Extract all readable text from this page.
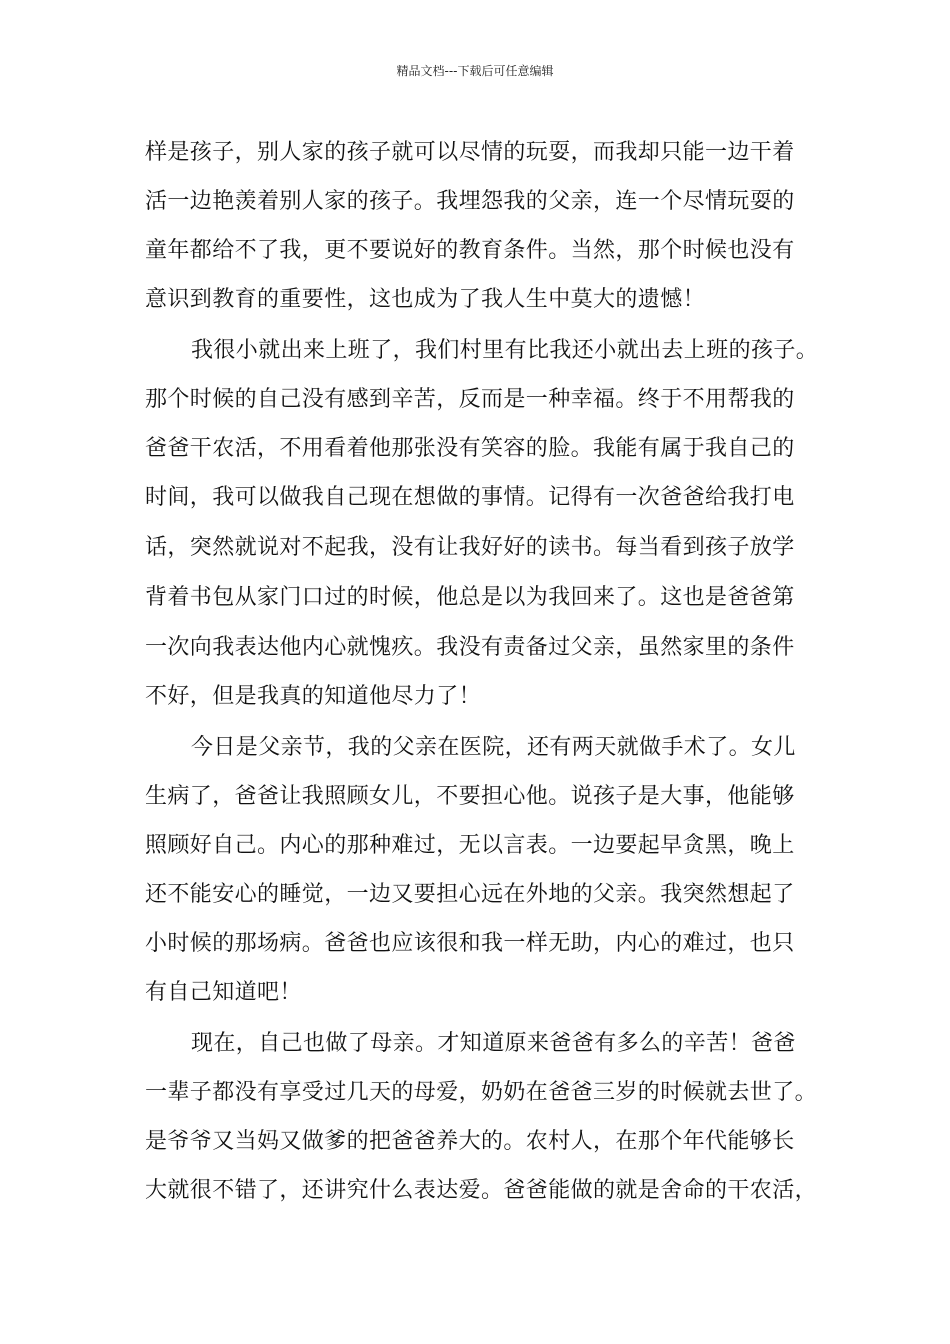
精品文档---下载后可任意编辑
样是孩子，别人家的孩子就可以尽情的玩耍，而我却只能一边干着
活一边艳羡着别人家的孩子。我埋怨我的父亲，连一个尽情玩耍的
童年都给不了我，更不要说好的教育条件。当然，那个时候也没有
意识到教育的重要性，这也成为了我人生中莫大的遗憾！
我很小就出来上班了，我们村里有比我还小就出去上班的孩子。
那个时候的自己没有感到辛苦，反而是一种幸福。终于不用帮我的
爸爸干农活，不用看着他那张没有笑容的脸。我能有属于我自己的
时间，我可以做我自己现在想做的事情。记得有一次爸爸给我打电
话，突然就说对不起我，没有让我好好的读书。每当看到孩子放学
背着书包从家门口过的时候，他总是以为我回来了。这也是爸爸第
一次向我表达他内心就愧疚。我没有责备过父亲，虽然家里的条件
不好，但是我真的知道他尽力了！
今日是父亲节，我的父亲在医院，还有两天就做手术了。女儿
生病了，爸爸让我照顾女儿，不要担心他。说孩子是大事，他能够
照顾好自己。内心的那种难过，无以言表。一边要起早贪黑，晚上
还不能安心的睡觉，一边又要担心远在外地的父亲。我突然想起了
小时候的那场病。爸爸也应该很和我一样无助，内心的难过，也只
有自己知道吧！
现在，自己也做了母亲。才知道原来爸爸有多么的辛苦！爸爸
一辈子都没有享受过几天的母爱，奶奶在爸爸三岁的时候就去世了。
是爷爷又当妈又做爹的把爸爸养大的。农村人，在那个年代能够长
大就很不错了，还讲究什么表达爱。爸爸能做的就是舍命的干农活，
